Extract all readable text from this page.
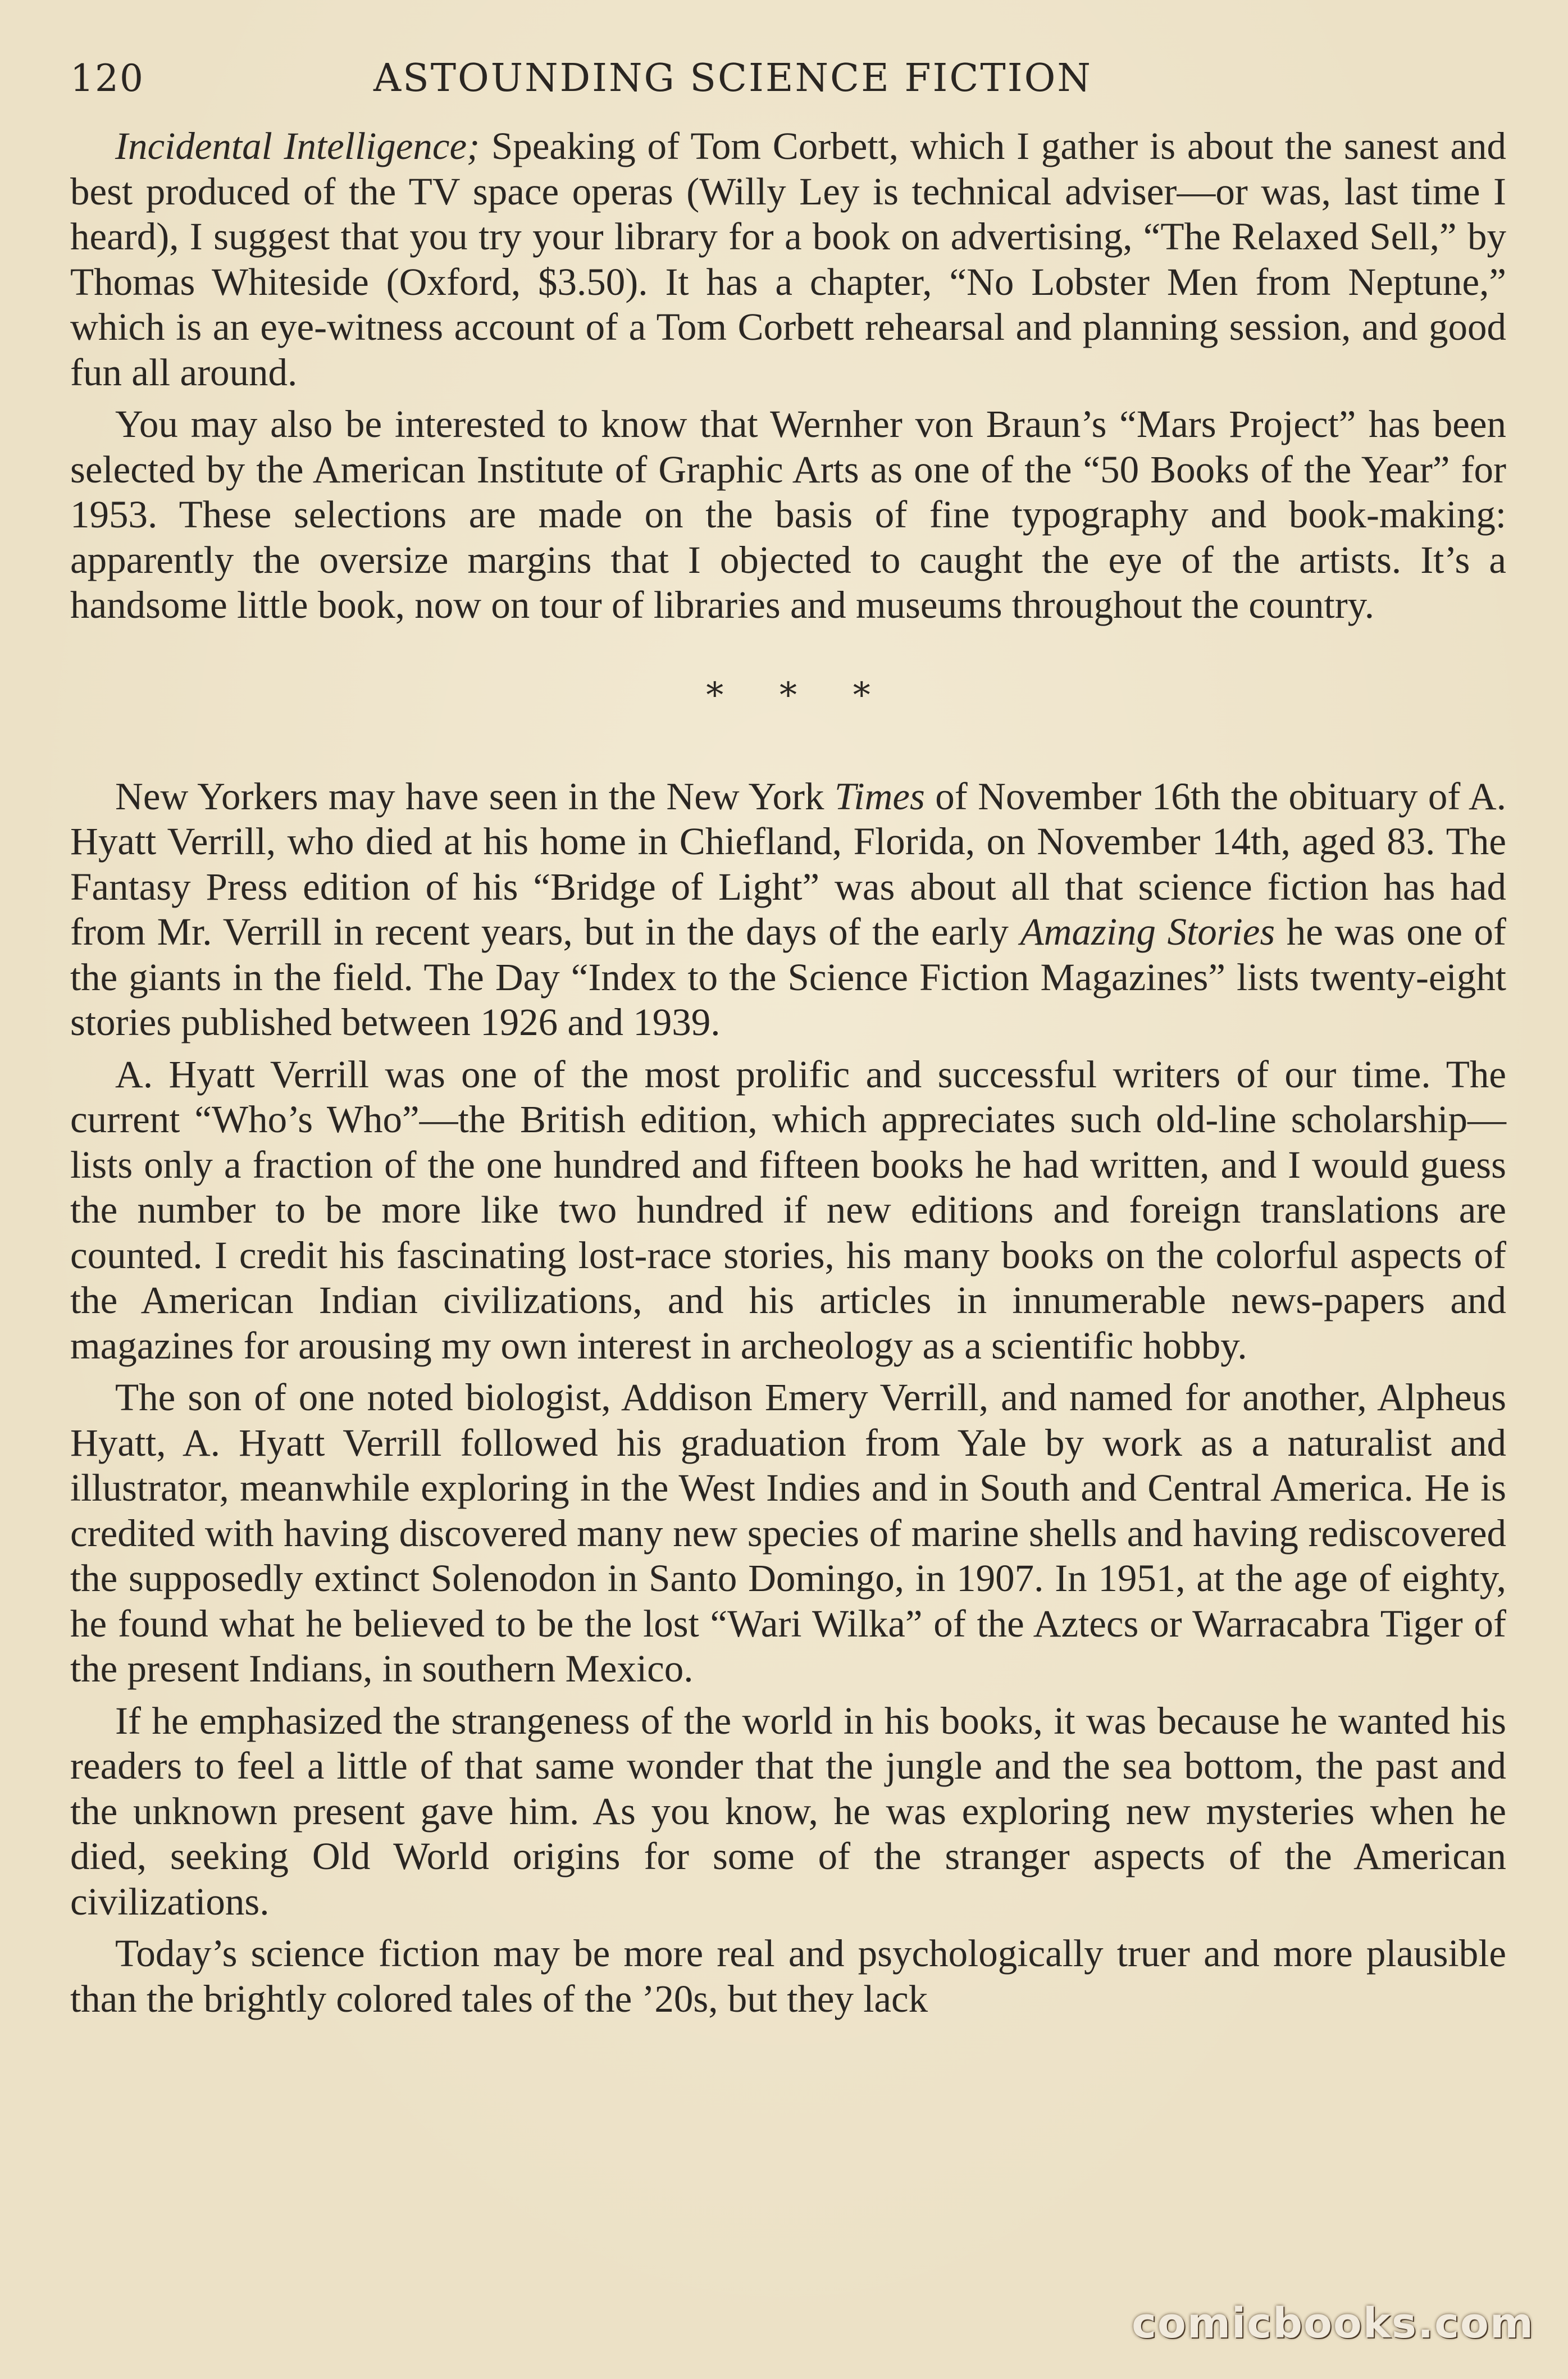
120	ASTOUNDING SCIENCE FICTION

Incidental Intelligence; Speaking of Tom Corbett, which I gather is about the sanest and best produced of the TV space operas (Willy Ley is technical adviser—or was, last time I heard), I suggest that you try your library for a book on advertising, “The Relaxed Sell,” by Thomas Whiteside (Oxford, $3.50). It has a chapter, “No Lobster Men from Neptune,” which is an eye-witness account of a Tom Corbett rehearsal and planning session, and good fun all around.

You may also be interested to know that Wernher von Braun’s “Mars Project” has been selected by the American Institute of Graphic Arts as one of the “50 Books of the Year” for 1953. These selections are made on the basis of fine typography and book-making: apparently the oversize margins that I objected to caught the eye of the artists. It’s a handsome little book, now on tour of libraries and museums throughout the country.

* * *

New Yorkers may have seen in the New York Times of November 16th the obituary of A. Hyatt Verrill, who died at his home in Chiefland, Florida, on November 14th, aged 83. The Fantasy Press edition of his “Bridge of Light” was about all that science fiction has had from Mr. Verrill in recent years, but in the days of the early Amazing Stories he was one of the giants in the field. The Day “Index to the Science Fiction Magazines” lists twenty-eight stories published between 1926 and 1939.

A. Hyatt Verrill was one of the most prolific and successful writers of our time. The current “Who’s Who”—the British edition, which appreciates such old-line scholarship—lists only a fraction of the one hundred and fifteen books he had written, and I would guess the number to be more like two hundred if new editions and foreign translations are counted. I credit his fascinating lost-race stories, his many books on the colorful aspects of the American Indian civilizations, and his articles in innumerable news-papers and magazines for arousing my own interest in archeology as a scientific hobby.

The son of one noted biologist, Addison Emery Verrill, and named for another, Alpheus Hyatt, A. Hyatt Verrill followed his graduation from Yale by work as a naturalist and illustrator, meanwhile exploring in the West Indies and in South and Central America. He is credited with having discovered many new species of marine shells and having rediscovered the supposedly extinct Solenodon in Santo Domingo, in 1907. In 1951, at the age of eighty, he found what he believed to be the lost “Wari Wilka” of the Aztecs or Warracabra Tiger of the present Indians, in southern Mexico.

If he emphasized the strangeness of the world in his books, it was because he wanted his readers to feel a little of that same wonder that the jungle and the sea bottom, the past and the unknown present gave him. As you know, he was exploring new mysteries when he died, seeking Old World origins for some of the stranger aspects of the American civilizations.

Today’s science fiction may be more real and psychologically truer and more plausible than the brightly colored tales of the ’20s, but they lack

comicbooks.com
